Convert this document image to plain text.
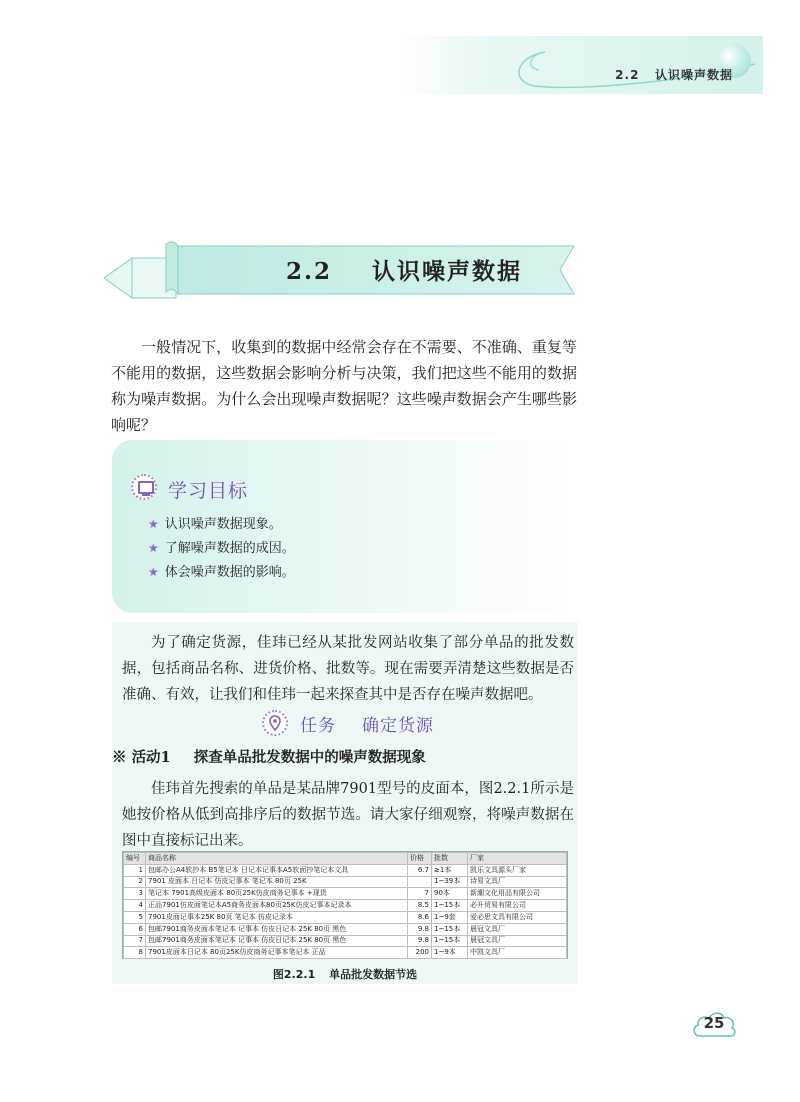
2.2 认识噪声数据
2.2 认识噪声数据

一般情况下，收集到的数据中经常会存在不需要、不准确、重复等不能用的数据，这些数据会影响分析与决策，我们把这些不能用的数据称为噪声数据。为什么会出现噪声数据呢？这些噪声数据会产生哪些影响呢？

学习目标
★ 认识噪声数据现象。
★ 了解噪声数据的成因。
★ 体会噪声数据的影响。

为了确定货源，佳玮已经从某批发网站收集了部分单品的批发数据，包括商品名称、进货价格、批数等。现在需要弄清楚这些数据是否准确、有效，让我们和佳玮一起来探查其中是否存在噪声数据吧。

任务 确定货源
※ 活动1 探查单品批发数据中的噪声数据现象

佳玮首先搜索的单品是某品牌7901型号的皮面本，图2.2.1所示是她按价格从低到高排序后的数据节选。请大家仔细观察，将噪声数据在图中直接标记出来。

编号	商品名称	价格	批数	厂家
1	包邮办公A4软抄本 B5笔记本 日记本记事本A5软面抄笔记本文具	6.7	≥1本	凯乐文具源头厂家
2	7901 皮面本 日记本 仿皮记事本 笔记本 80页 25K		1~39本	诗易文具厂
3	笔记本 7901高级皮面本 80页25K仿皮商务记事本 +现货	7	90本	新潮文化用品有限公司
4	正品7901仿皮面笔记本A5商务皮面本80页25K仿皮记事本记录本	8.5	1~15本	必升贸易有限公司
5	7901皮面记事本25K 80页 笔记本 仿皮记录本	8.6	1~9套	爱必思文具有限公司
6	包邮7901商务皮面本笔记本 记事本 仿皮日记本 25K 80页 黑色	9.8	1~15本	晨冠文具厂
7	包邮7901商务皮面本笔记本 记事本 仿皮日记本 25K 80页 黑色	9.8	1~15本	晨冠文具厂
8	7901皮面本日记本 80页25K仿皮商务记事本笔记本 正品	200	1~9本	中凯文具厂
图2.2.1 单品批发数据节选
25
